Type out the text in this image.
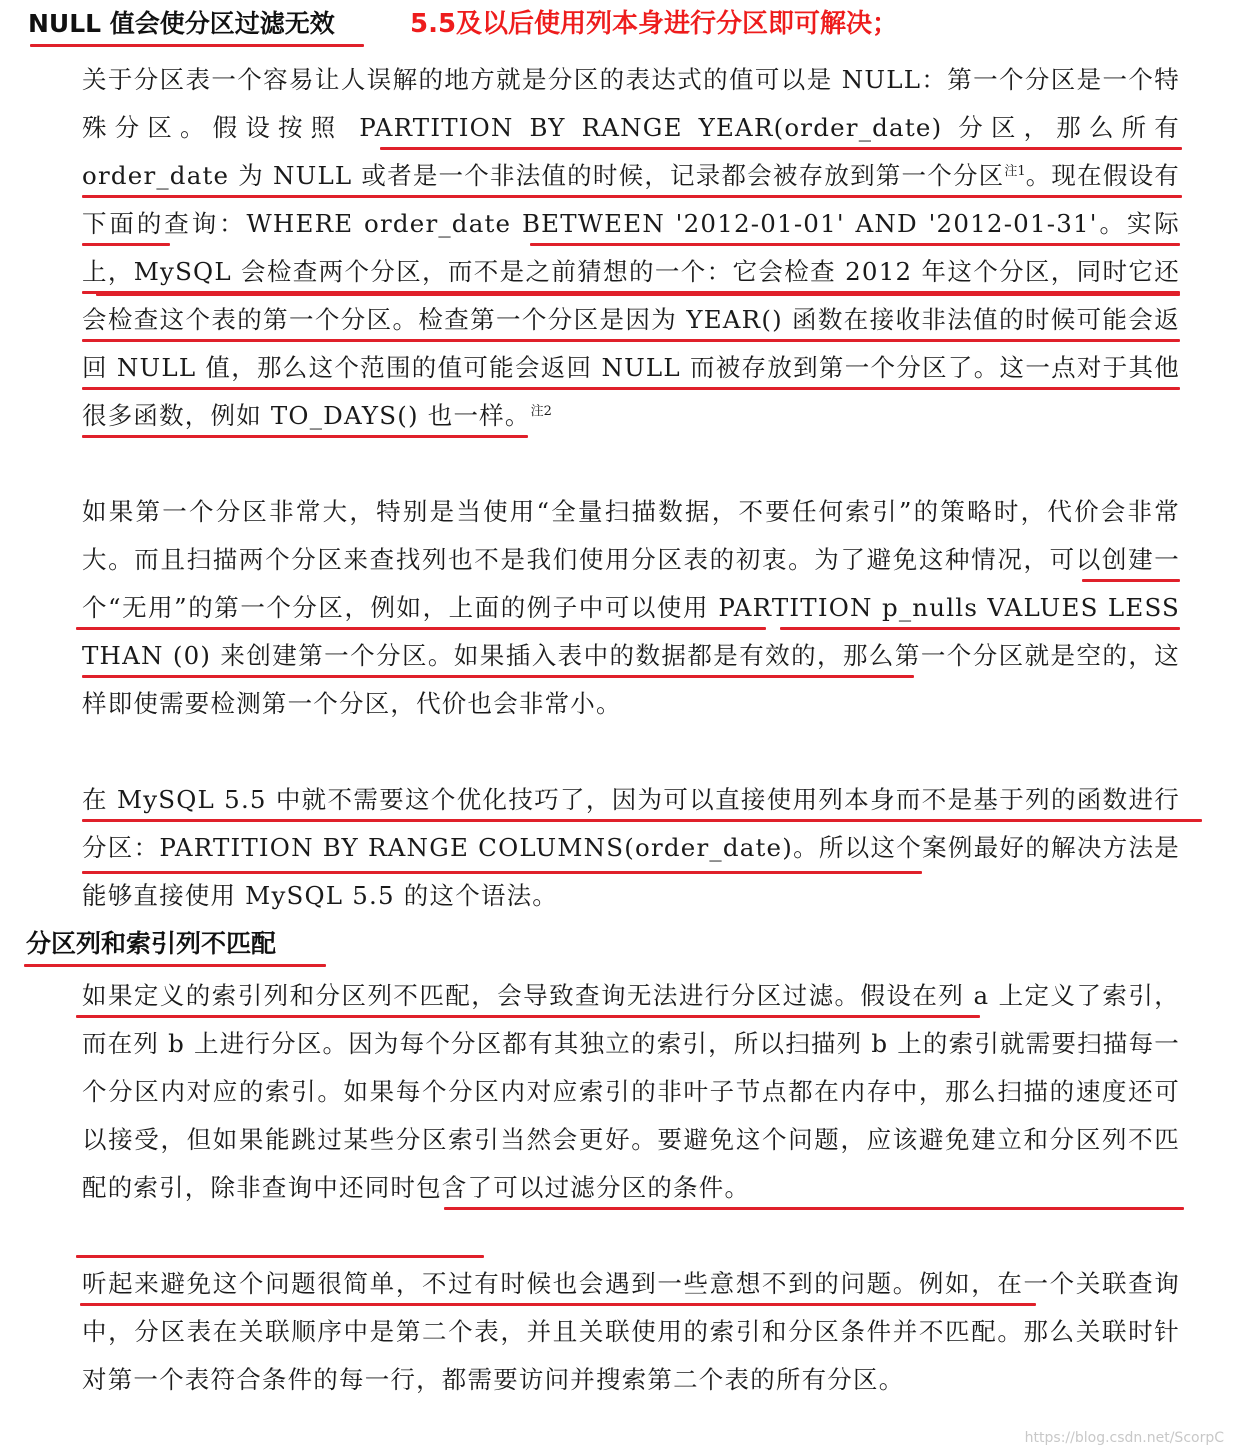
NULL 值会使分区过滤无效	5.5及以后使用列本身进行分区即可解决；

关于分区表一个容易让人误解的地方就是分区的表达式的值可以是 NULL：第一个分区是一个特殊分区。假设按照 PARTITION BY RANGE YEAR(order_date) 分区，那么所有 order_date 为 NULL 或者是一个非法值的时候，记录都会被存放到第一个分区$^{注1}$。现在假设有下面的查询：WHERE order_date BETWEEN '2012-01-01' AND '2012-01-31'。实际上，MySQL 会检查两个分区，而不是之前猜想的一个：它会检查 2012 年这个分区，同时它还会检查这个表的第一个分区。检查第一个分区是因为 YEAR() 函数在接收非法值的时候可能会返回 NULL 值，那么这个范围的值可能会返回 NULL 而被存放到第一个分区了。这一点对于其他很多函数，例如 TO_DAYS() 也一样。$^{注2}$

如果第一个分区非常大，特别是当使用“全量扫描数据，不要任何索引”的策略时，代价会非常大。而且扫描两个分区来查找列也不是我们使用分区表的初衷。为了避免这种情况，可以创建一个“无用”的第一个分区，例如，上面的例子中可以使用 PARTITION p_nulls VALUES LESS THAN (0) 来创建第一个分区。如果插入表中的数据都是有效的，那么第一个分区就是空的，这样即使需要检测第一个分区，代价也会非常小。

在 MySQL 5.5 中就不需要这个优化技巧了，因为可以直接使用列本身而不是基于列的函数进行分区：PARTITION BY RANGE COLUMNS(order_date)。所以这个案例最好的解决方法是能够直接使用 MySQL 5.5 的这个语法。

分区列和索引列不匹配

如果定义的索引列和分区列不匹配，会导致查询无法进行分区过滤。假设在列 a 上定义了索引，而在列 b 上进行分区。因为每个分区都有其独立的索引，所以扫描列 b 上的索引就需要扫描每一个分区内对应的索引。如果每个分区内对应索引的非叶子节点都在内存中，那么扫描的速度还可以接受，但如果能跳过某些分区索引当然会更好。要避免这个问题，应该避免建立和分区列不匹配的索引，除非查询中还同时包含了可以过滤分区的条件。

听起来避免这个问题很简单，不过有时候也会遇到一些意想不到的问题。例如，在一个关联查询中，分区表在关联顺序中是第二个表，并且关联使用的索引和分区条件并不匹配。那么关联时针对第一个表符合条件的每一行，都需要访问并搜索第二个表的所有分区。

https://blog.csdn.net/ScorpC
